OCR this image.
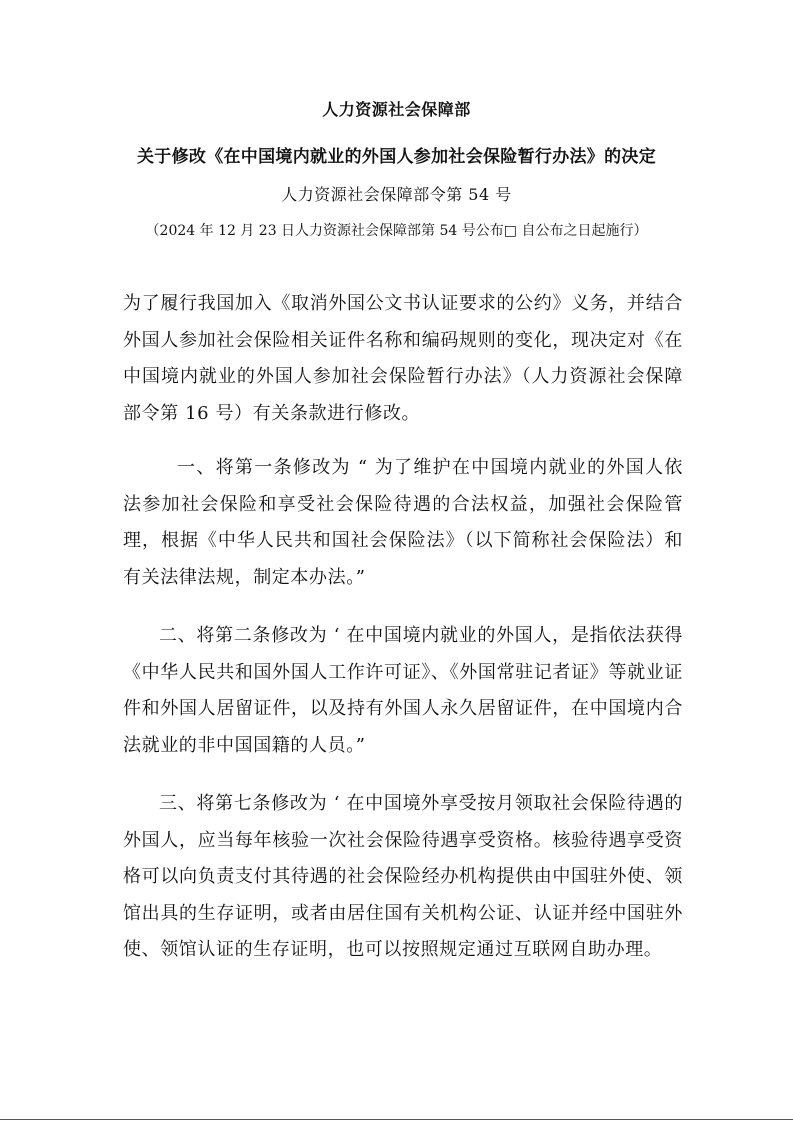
人力资源社会保障部
关于修改《在中国境内就业的外国人参加社会保险暂行办法》的决定
人力资源社会保障部令第 54 号
（2024 年 12 月 23 日人力资源社会保障部第 54 号公布□ 自公布之日起施行）

为了履行我国加入《取消外国公文书认证要求的公约》义务，并结合外国人参加社会保险相关证件名称和编码规则的变化，现决定对《在中国境内就业的外国人参加社会保险暂行办法》（人力资源社会保障部令第 16 号）有关条款进行修改。

一、将第一条修改为 “ 为了维护在中国境内就业的外国人依法参加社会保险和享受社会保险待遇的合法权益，加强社会保险管理，根据《中华人民共和国社会保险法》（以下简称社会保险法）和有关法律法规，制定本办法。”

二、将第二条修改为 ‘ 在中国境内就业的外国人，是指依法获得《中华人民共和国外国人工作许可证》、《外国常驻记者证》等就业证件和外国人居留证件，以及持有外国人永久居留证件，在中国境内合法就业的非中国国籍的人员。”

三、将第七条修改为 ‘ 在中国境外享受按月领取社会保险待遇的外国人，应当每年核验一次社会保险待遇享受资格。核验待遇享受资格可以向负责支付其待遇的社会保险经办机构提供由中国驻外使、领馆出具的生存证明，或者由居住国有关机构公证、认证并经中国驻外使、领馆认证的生存证明，也可以按照规定通过互联网自助办理。
